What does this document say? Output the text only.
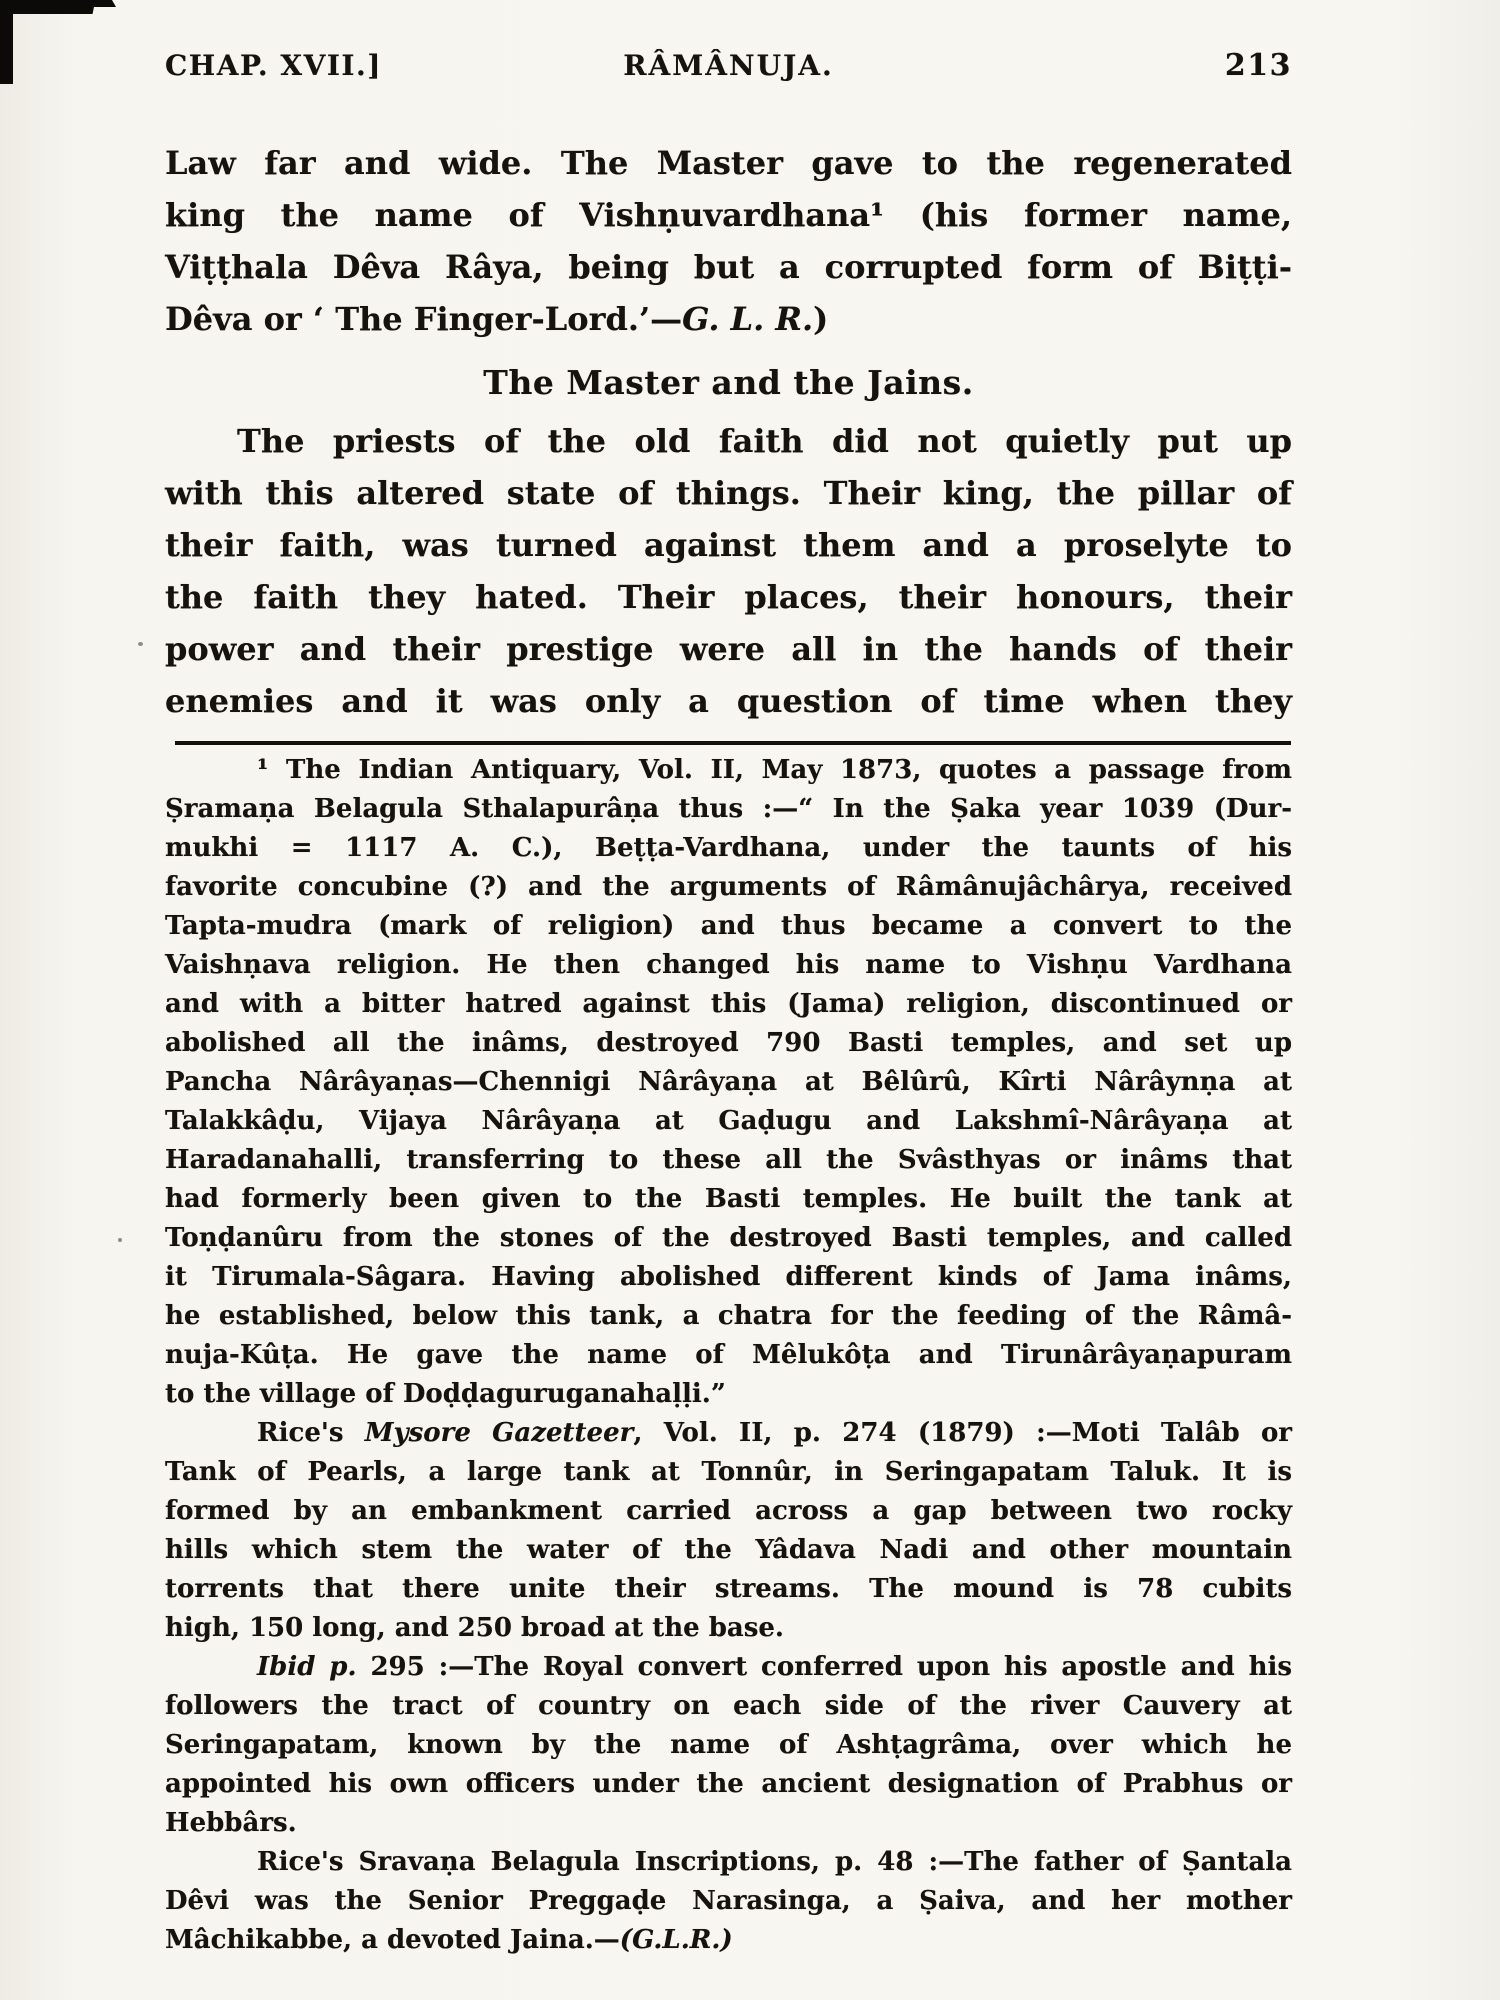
CHAP. XVII.]	RÂMÂNUJA.	213
Law far and wide. The Master gave to the regenerated
king the name of Vishṇuvardhana¹ (his former name,
Viṭṭhala Dêva Râya, being but a corrupted form of Biṭṭi-
Dêva or ‘ The Finger-Lord.’—G. L. R.)
The Master and the Jains.
The priests of the old faith did not quietly put up
with this altered state of things. Their king, the pillar of
their faith, was turned against them and a proselyte to
the faith they hated. Their places, their honours, their
power and their prestige were all in the hands of their
enemies and it was only a question of time when they
¹ The Indian Antiquary, Vol. II, May 1873, quotes a passage from
Ṣramaṇa Belagula Sthalapurâṇa thus :—“ In the Ṣaka year 1039 (Dur-
mukhi = 1117 A. C.), Beṭṭa-Vardhana, under the taunts of his
favorite concubine (?) and the arguments of Râmânujâchârya, received
Tapta-mudra (mark of religion) and thus became a convert to the
Vaishṇava religion. He then changed his name to Vishṇu Vardhana
and with a bitter hatred against this (Jama) religion, discontinued or
abolished all the inâms, destroyed 790 Basti temples, and set up
Pancha Nârâyaṇas—Chennigi Nârâyaṇa at Bêlûrû, Kîrti Nârâynṇa at
Talakkâḍu, Vijaya Nârâyaṇa at Gaḍugu and Lakshmî-Nârâyaṇa at
Haradanahalli, transferring to these all the Svâsthyas or inâms that
had formerly been given to the Basti temples. He built the tank at
Toṇḍanûru from the stones of the destroyed Basti temples, and called
it Tirumala-Sâgara. Having abolished different kinds of Jama inâms,
he established, below this tank, a chatra for the feeding of the Râmâ-
nuja-Kûṭa. He gave the name of Mêlukôṭa and Tirunârâyaṇapuram
to the village of Doḍḍaguruganahaḷḷi.”
Rice's Mysore Gazetteer, Vol. II, p. 274 (1879) :—Moti Talâb or
Tank of Pearls, a large tank at Tonnûr, in Seringapatam Taluk. It is
formed by an embankment carried across a gap between two rocky
hills which stem the water of the Yâdava Nadi and other mountain
torrents that there unite their streams. The mound is 78 cubits
high, 150 long, and 250 broad at the base.
Ibid p. 295 :—The Royal convert conferred upon his apostle and his
followers the tract of country on each side of the river Cauvery at
Seringapatam, known by the name of Ashṭagrâma, over which he
appointed his own officers under the ancient designation of Prabhus or
Hebbârs.
Rice's Sravaṇa Belagula Inscriptions, p. 48 :—The father of Ṣantala
Dêvi was the Senior Preggaḍe Narasinga, a Ṣaiva, and her mother
Mâchikabbe, a devoted Jaina.—(G.L.R.)
